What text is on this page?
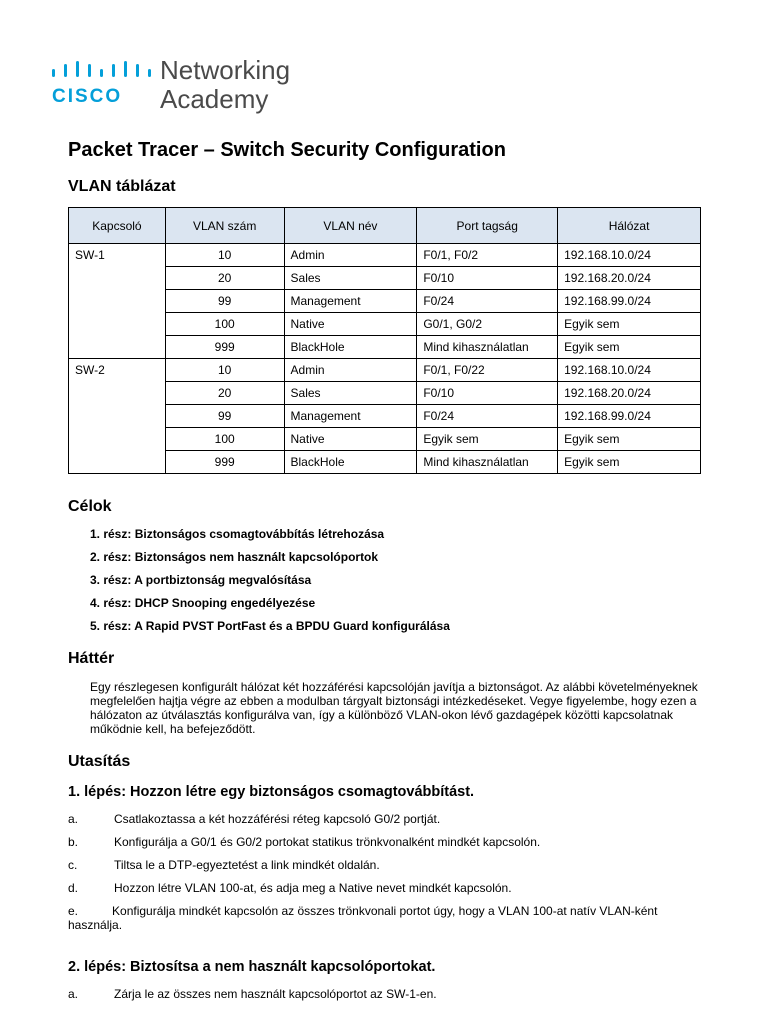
CISCO
Networking
Academy
Packet Tracer – Switch Security Configuration
VLAN táblázat
Kapcsoló	VLAN szám	VLAN név	Port tagság	Hálózat
SW-1	10	Admin	F0/1, F0/2	192.168.10.0/24
	20	Sales	F0/10	192.168.20.0/24
	99	Management	F0/24	192.168.99.0/24
	100	Native	G0/1, G0/2	Egyik sem
	999	BlackHole	Mind kihasználatlan	Egyik sem
SW-2	10	Admin	F0/1, F0/22	192.168.10.0/24
	20	Sales	F0/10	192.168.20.0/24
	99	Management	F0/24	192.168.99.0/24
	100	Native	Egyik sem	Egyik sem
	999	BlackHole	Mind kihasználatlan	Egyik sem
Célok
1. rész: Biztonságos csomagtovábbítás létrehozása
2. rész: Biztonságos nem használt kapcsolóportok
3. rész: A portbiztonság megvalósítása
4. rész: DHCP Snooping engedélyezése
5. rész: A Rapid PVST PortFast és a BPDU Guard konfigurálása
Háttér

Egy részlegesen konfigurált hálózat két hozzáférési kapcsolóján javítja a biztonságot. Az alábbi követelményeknek megfelelően hajtja végre az ebben a modulban tárgyalt biztonsági intézkedéseket. Vegye figyelembe, hogy ezen a hálózaton az útválasztás konfigurálva van, így a különböző VLAN-okon lévő gazdagépek közötti kapcsolatnak működnie kell, ha befejeződött.

Utasítás
1. lépés: Hozzon létre egy biztonságos csomagtovábbítást.
a.	Csatlakoztassa a két hozzáférési réteg kapcsoló G0/2 portját.
b.	Konfigurálja a G0/1 és G0/2 portokat statikus trönkvonalként mindkét kapcsolón.
c.	Tiltsa le a DTP-egyeztetést a link mindkét oldalán.
d.	Hozzon létre VLAN 100-at, és adja meg a Native nevet mindkét kapcsolón.
e.	Konfigurálja mindkét kapcsolón az összes trönkvonali portot úgy, hogy a VLAN 100-at natív VLAN-ként használja.
2. lépés: Biztosítsa a nem használt kapcsolóportokat.
a.	Zárja le az összes nem használt kapcsolóportot az SW-1-en.
